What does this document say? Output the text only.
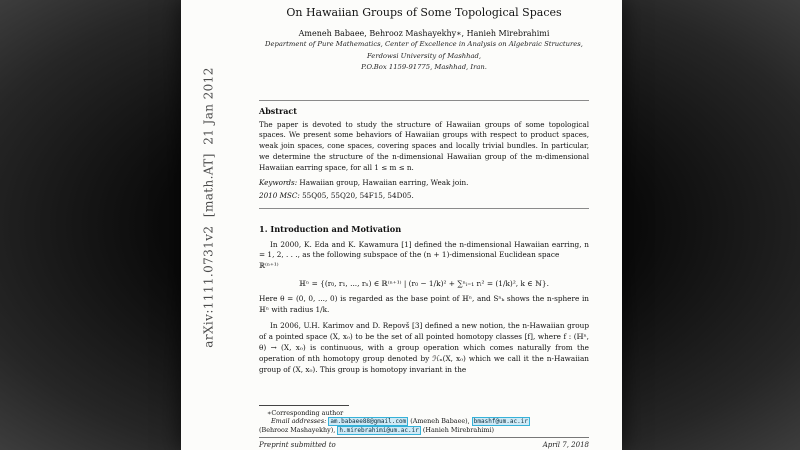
arXiv:1111.0731v2  [math.AT]  21 Jan 2012
On Hawaiian Groups of Some Topological Spaces
Ameneh Babaee, Behrooz Mashayekhy∗, Hanieh Mirebrahimi
Department of Pure Mathematics, Center of Excellence in Analysis on Algebraic Structures,
Ferdowsi University of Mashhad,
P.O.Box 1159-91775, Mashhad, Iran.
Abstract

The paper is devoted to study the structure of Hawaiian groups of some topological spaces. We present some behaviors of Hawaiian groups with respect to product spaces, weak join spaces, cone spaces, covering spaces and locally trivial bundles. In particular, we determine the structure of the n-dimensional Hawaiian group of the m-dimensional Hawaiian earring space, for all 1 ≤ m ≤ n.

Keywords: Hawaiian group, Hawaiian earring, Weak join.

2010 MSC: 55Q05, 55Q20, 54F15, 54D05.

1. Introduction and Motivation

In 2000, K. Eda and K. Kawamura [1] defined the n-dimensional Hawaiian earring, n = 1, 2, . . ., as the following subspace of the (n + 1)-dimensional Euclidean space

ℝ⁽ⁿ⁺¹⁾
ℍⁿ = {(r₀, r₁, ..., rₙ) ∈ ℝ⁽ⁿ⁺¹⁾ | (r₀ − 1/k)² + ∑ⁿᵢ₌₁ rᵢ² = (1/k)², k ∈ ℕ}.

Here θ = (0, 0, ..., 0) is regarded as the base point of ℍⁿ, and Sⁿₖ shows the n-sphere in ℍⁿ with radius 1/k.

In 2006, U.H. Karimov and D. Repovš [3] defined a new notion, the n-Hawaiian group of a pointed space (X, x₀) to be the set of all pointed homotopy classes [f], where f : (ℍⁿ, θ) → (X, x₀) is continuous, with a group operation which comes naturally from the operation of nth homotopy group denoted by ℋₙ(X, x₀) which we call it the n-Hawaiian group of (X, x₀). This group is homotopy invariant in the

∗Corresponding author
Email addresses: am.babaee88@gmail.com (Ameneh Babaee), bmashf@um.ac.ir
(Behrooz Mashayekhy), h.mirebrahimi@um.ac.ir (Hanieh Mirebrahimi)
Preprint submitted to	April 7, 2018
